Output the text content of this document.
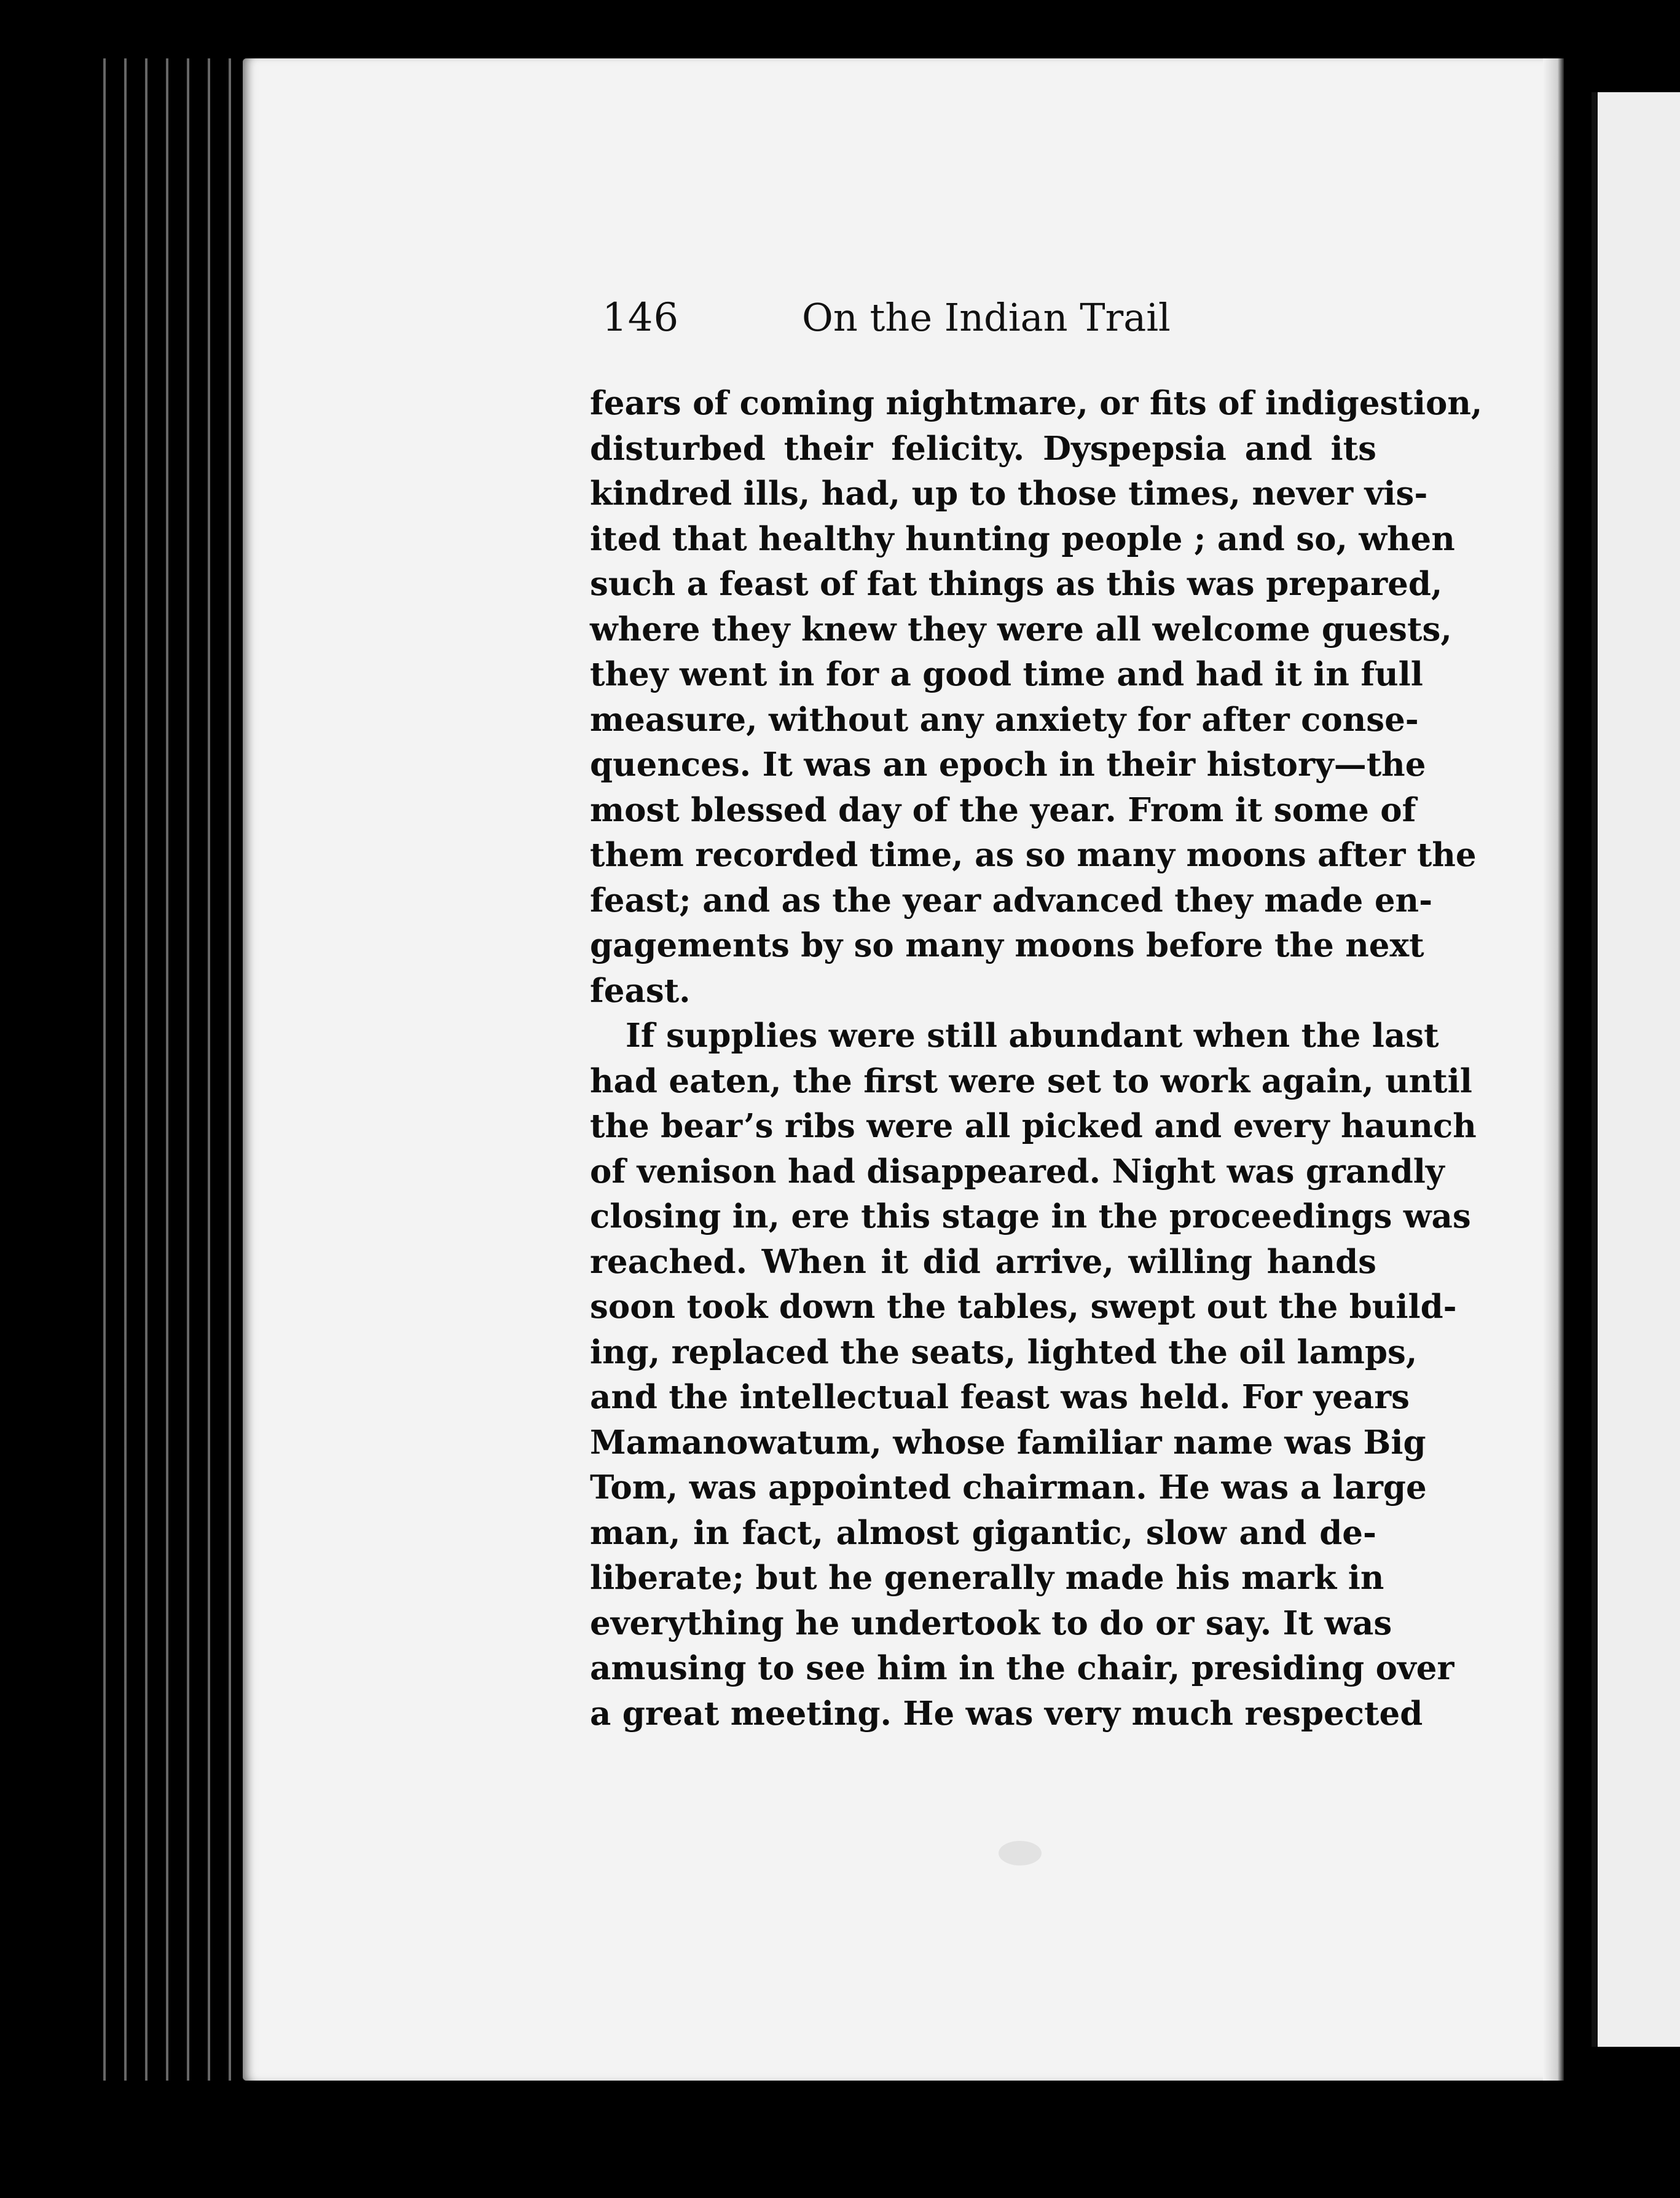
146	On the Indian Trail
fears of coming nightmare, or fits of indigestion,
disturbed their felicity. Dyspepsia and its
kindred ills, had, up to those times, never vis-
ited that healthy hunting people ; and so, when
such a feast of fat things as this was prepared,
where they knew they were all welcome guests,
they went in for a good time and had it in full
measure, without any anxiety for after conse-
quences. It was an epoch in their history—the
most blessed day of the year. From it some of
them recorded time, as so many moons after the
feast; and as the year advanced they made en-
gagements by so many moons before the next
feast.
If supplies were still abundant when the last
had eaten, the first were set to work again, until
the bear’s ribs were all picked and every haunch
of venison had disappeared. Night was grandly
closing in, ere this stage in the proceedings was
reached. When it did arrive, willing hands
soon took down the tables, swept out the build-
ing, replaced the seats, lighted the oil lamps,
and the intellectual feast was held. For years
Mamanowatum, whose familiar name was Big
Tom, was appointed chairman. He was a large
man, in fact, almost gigantic, slow and de-
liberate; but he generally made his mark in
everything he undertook to do or say. It was
amusing to see him in the chair, presiding over
a great meeting. He was very much respected
